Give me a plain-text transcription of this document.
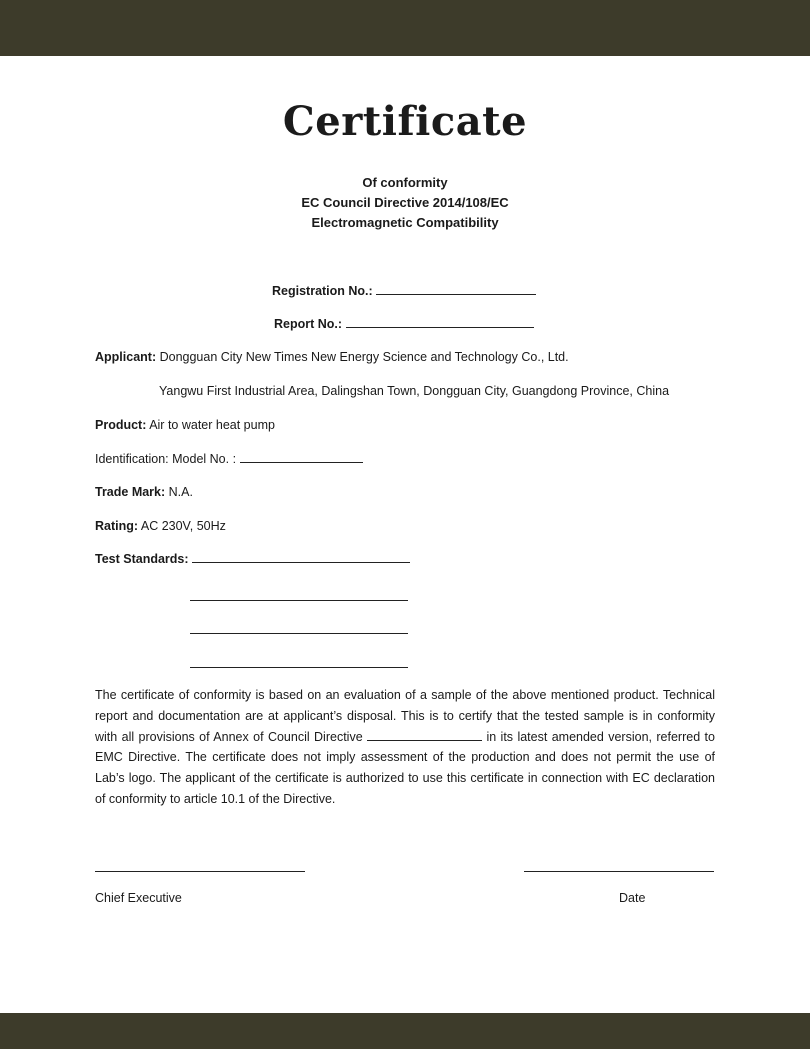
Certificate
Of conformity
EC Council Directive 2014/108/EC
Electromagnetic Compatibility
Registration No.:
Report No.:
Applicant: Dongguan City New Times New Energy Science and Technology Co., Ltd.
Yangwu First Industrial Area, Dalingshan Town, Dongguan City, Guangdong Province, China
Product: Air to water heat pump
Identification: Model No. :
Trade Mark: N.A.
Rating: AC 230V, 50Hz
Test Standards:
The certificate of conformity is based on an evaluation of a sample of the above mentioned product. Technical report and documentation are at applicant’s disposal. This is to certify that the tested sample is in conformity with all provisions of Annex of Council Directive	in its latest amended version, referred to EMC Directive. The certificate does not imply assessment of the production and does not permit the use of Lab’s logo. The applicant of the certificate is authorized to use this certificate in connection with EC declaration of conformity to article 10.1 of the Directive.
Chief Executive	Date
